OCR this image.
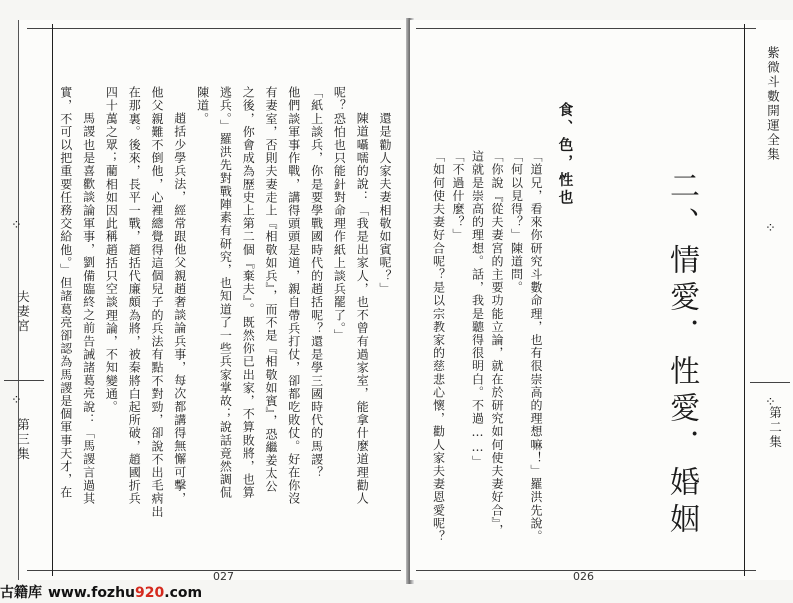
還是勸人家夫妻相敬如賓呢？」
陳道囁嚅的說：「我是出家人，也不曾有過家室，能拿什麼道理勸人
呢？恐怕也只能針對命理作紙上談兵罷了。」
「紙上談兵，你是要學戰國時代的趙括呢？還是學三國時代的馬謖？
他們談軍事作戰，講得頭頭是道，親自帶兵打仗，卻都吃敗仗。好在你沒
有妻室，否則夫妻走上『相敬如兵』，而不是『相敬如賓』，恐繼姜太公
之後，你會成為歷史上第二個『棄夫』。既然你已出家，不算敗將，也算
逃兵。」羅洪先對戰陣素有研究，也知道了一些兵家掌故；說話竟然調侃
陳道。
趙括少學兵法，經常跟他父親趙奢談論兵事，每次都講得無懈可擊，
他父親難不倒他，心裡總覺得這個兒子的兵法有點不對勁，卻說不出毛病出
在那裏。後來，長平一戰，趙括代廉頗為將，被秦將白起所破，趙國折兵
四十萬之眾；藺相如因此稱趙括只空談理論，不知變通。
馬謖也是喜歡談論軍事，劉備臨終之前告誡諸葛亮說：「馬謖言過其
實，不可以把重要任務交給他。」但諸葛亮卻認為馬謖是個軍事天才，在
⁘
夫妻宮
⁘
第三集
027
「道兄，看來你研究斗數命理，也有很崇高的理想嘛！」羅洪先說。
「何以見得？」陳道問。
「你說『從夫妻宮的主要功能立論，就在於研究如何使夫妻好合』，
這就是崇高的理想。話，我是聽得很明白。不過……」
「不過什麼？」
「如何使夫妻好合呢？是以宗教家的慈悲心懷，勸人家夫妻恩愛呢？	二、情愛．性愛．婚姻
食、色，性也
⁘
紫微斗數開運全集
⁘
第二集
026
古籍库 www.fozhu920.com
